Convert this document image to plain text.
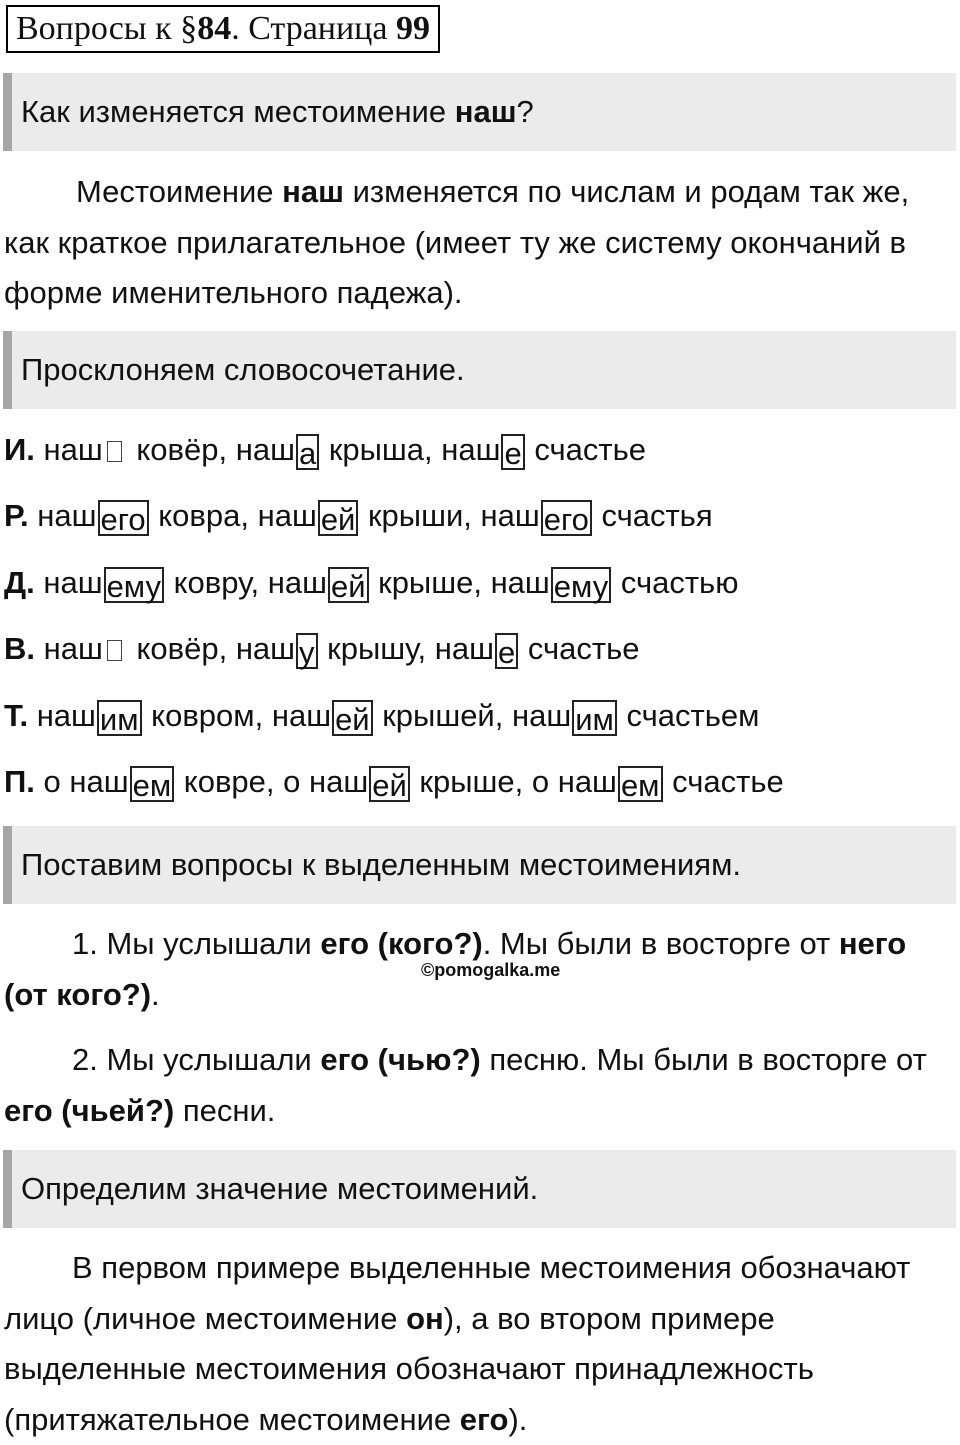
Вопросы к §84. Страница 99
Как изменяется местоимение наш?
Местоимение наш изменяется по числам и родам так же, как краткое прилагательное (имеет ту же систему окончаний в форме именительного падежа).
Просклоняем словосочетание.
И. наш ковёр, наш а крыша, наш е счастье
Р. наш его ковра, наш ей крыши, наш его счастья
Д. наш ему ковру, наш ей крыше, наш ему счастью
В. наш ковёр, наш у крышу, наш е счастье
Т. наш им ковром, наш ей крышей, наш им счастьем
П. о наш ем ковре, о наш ей крыше, о наш ем счастье
Поставим вопросы к выделенным местоимениям.
1. Мы услышали его (кого?). Мы были в восторге от него (от кого?).
©pomogalka.me
2. Мы услышали его (чью?) песню. Мы были в восторге от его (чьей?) песни.
Определим значение местоимений.
В первом примере выделенные местоимения обозначают лицо (личное местоимение он), а во втором примере выделенные местоимения обозначают принадлежность (притяжательное местоимение его).
